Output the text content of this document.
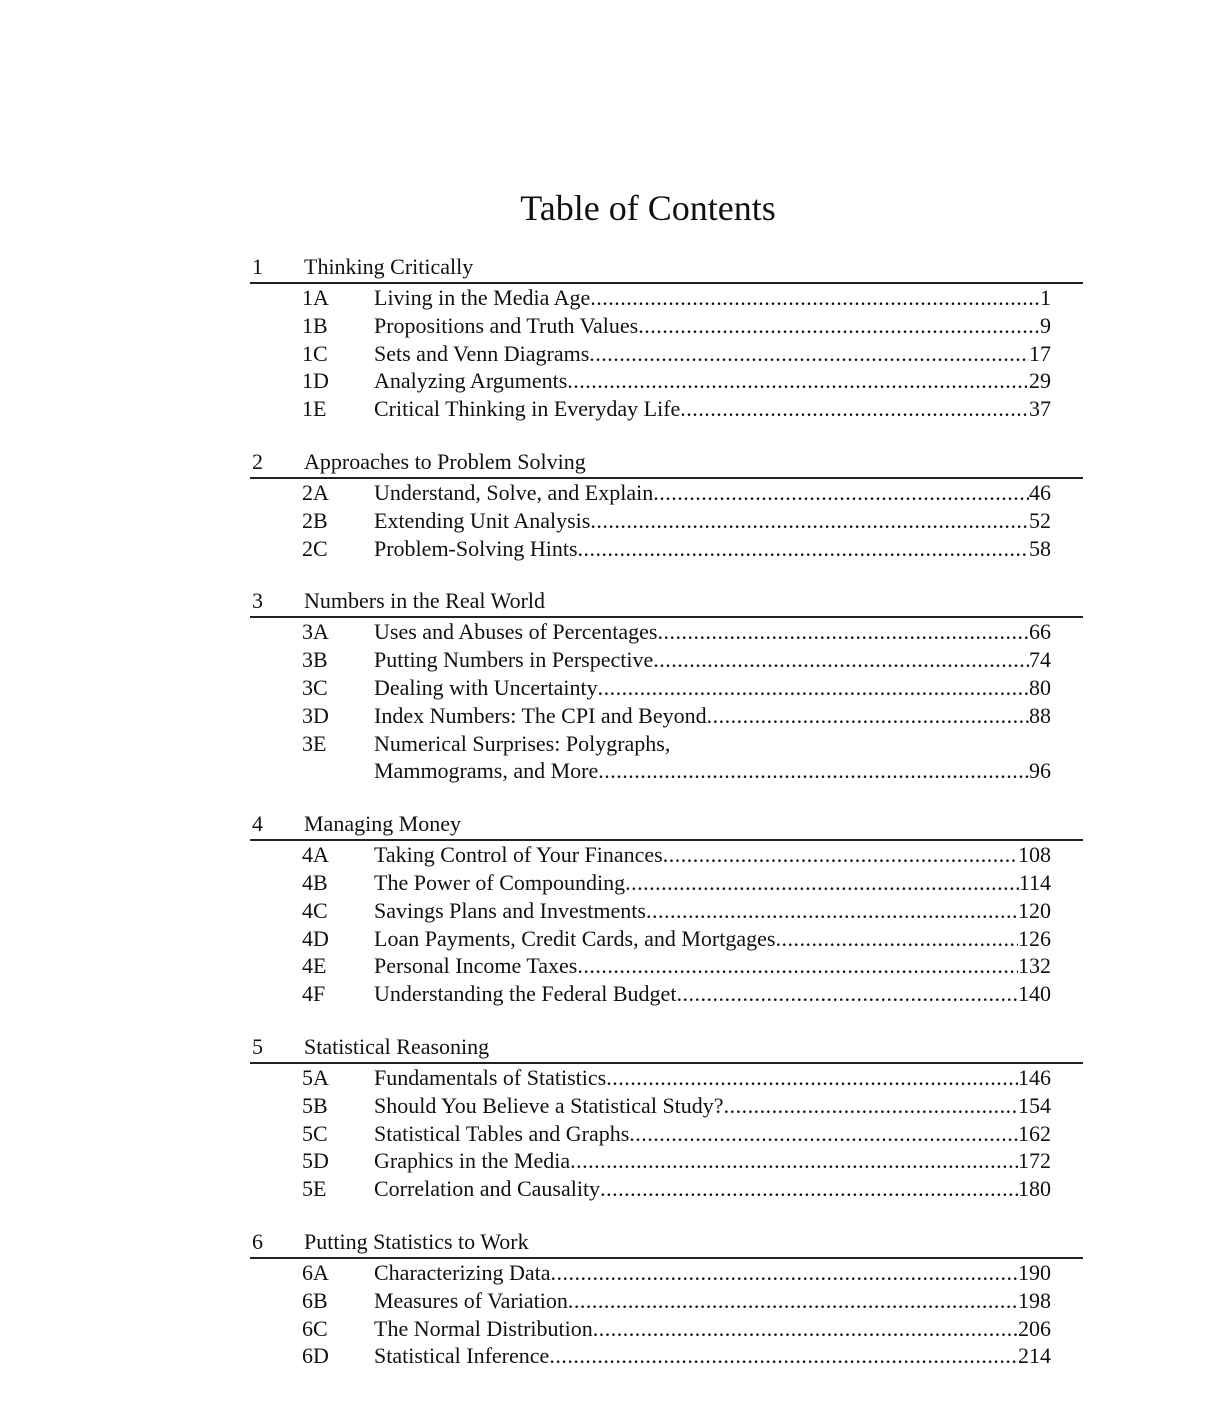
Table of Contents
1	Thinking Critically
1A	Living in the Media Age .....	1
1B	Propositions and Truth Values .....	9
1C	Sets and Venn Diagrams .....	17
1D	Analyzing Arguments .....	29
1E	Critical Thinking in Everyday Life .....	37
2	Approaches to Problem Solving
2A	Understand, Solve, and Explain .....	46
2B	Extending Unit Analysis .....	52
2C	Problem-Solving Hints .....	58
3	Numbers in the Real World
3A	Uses and Abuses of Percentages .....	66
3B	Putting Numbers in Perspective .....	74
3C	Dealing with Uncertainty .....	80
3D	Index Numbers: The CPI and Beyond .....	88
3E	Numerical Surprises: Polygraphs,
Mammograms, and More .....	96
4	Managing Money
4A	Taking Control of Your Finances .....	108
4B	The Power of Compounding .....	114
4C	Savings Plans and Investments .....	120
4D	Loan Payments, Credit Cards, and Mortgages .....	126
4E	Personal Income Taxes .....	132
4F	Understanding the Federal Budget .....	140
5	Statistical Reasoning
5A	Fundamentals of Statistics .....	146
5B	Should You Believe a Statistical Study? .....	154
5C	Statistical Tables and Graphs .....	162
5D	Graphics in the Media .....	172
5E	Correlation and Causality .....	180
6	Putting Statistics to Work
6A	Characterizing Data .....	190
6B	Measures of Variation .....	198
6C	The Normal Distribution .....	206
6D	Statistical Inference .....	214
